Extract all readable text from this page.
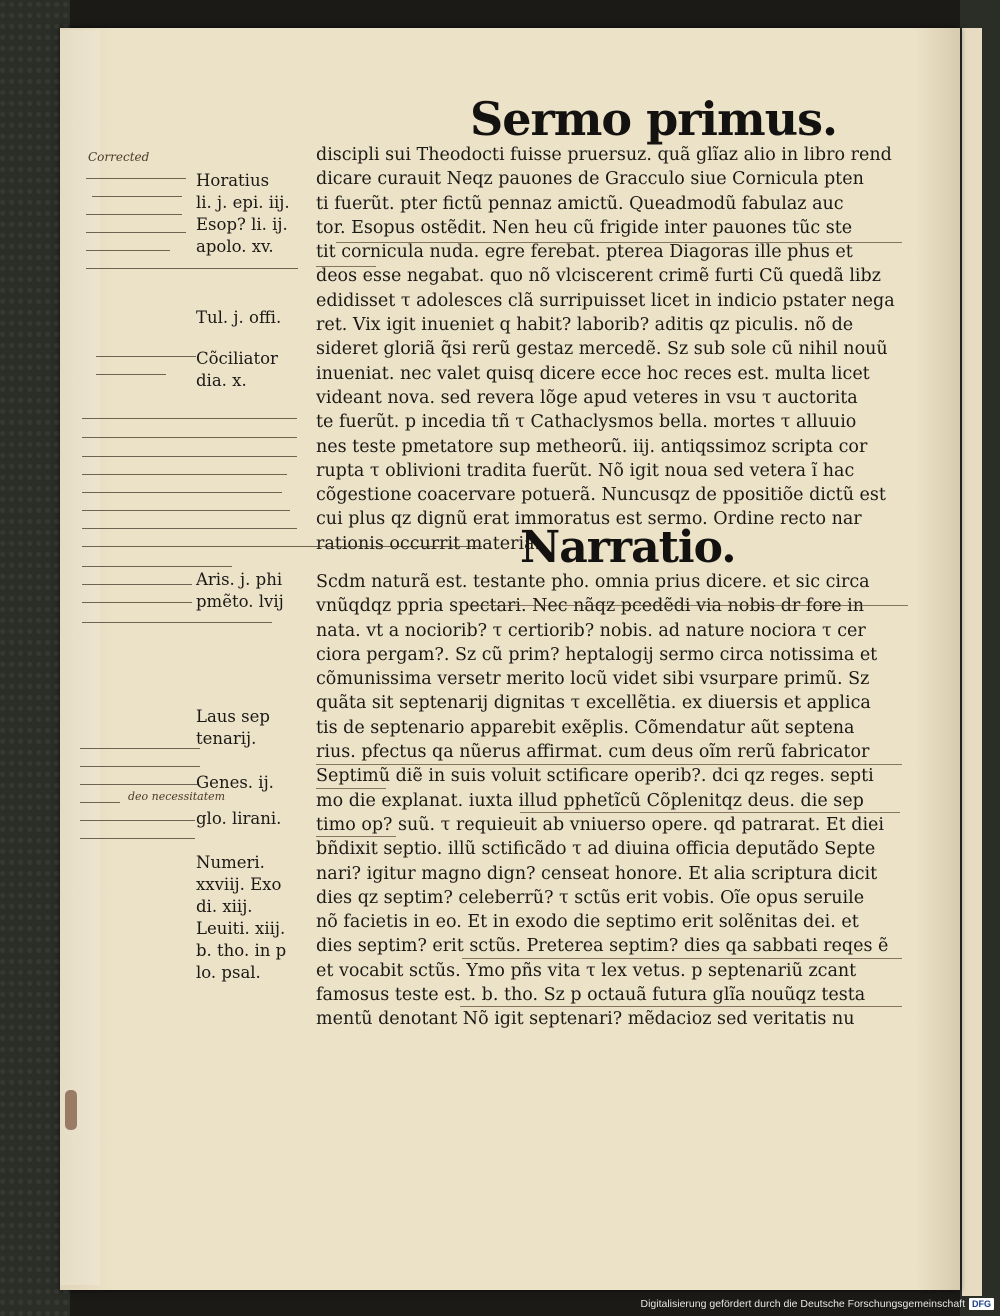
Sermo primus.
Narratio.
discipli sui Theodocti fuisse pruersuz. quã glĩaz alio in libro rend
dicare curauit Neqz pauones de Gracculo siue Cornicula pten
ti fuerũt. pter fictũ pennaz amictũ. Queadmodũ fabulaz auc
tor. Esopus ostẽdit. Nen heu cũ frigide inter pauones tũc ste
tit cornicula nuda. egre ferebat. pterea Diagoras ille phus et
deos esse negabat. quo nõ vlciscerent crimẽ furti Cũ quedã libz
edidisset τ adolesces clã surripuisset licet in indicio pstater nega
ret. Vix igit inueniet q habit? laborib? aditis qz piculis. nõ de
sideret gloriã q̃si rerũ gestaz mercedẽ. Sz sub sole cũ nihil nouũ
inueniat. nec valet quisq dicere ecce hoc reces est. multa licet
videant nova. sed revera lõge apud veteres in vsu τ auctorita
te fuerũt. p incedia tñ τ Cathaclysmos bella. mortes τ alluuio
nes teste pmetatore sup metheorũ. iij. antiqssimoz scripta cor
rupta τ oblivioni tradita fuerũt. Nõ igit noua sed vetera ĩ hac
cõgestione coacervare potuerã. Nuncusqz de ppositiõe dictũ est
cui plus qz dignũ erat immoratus est sermo. Ordine recto nar
rationis occurrit materia.
Scdm naturã est. testante pho. omnia prius dicere. et sic circa
vnũqdqz ppria spectari. Nec nãqz pcedẽdi via nobis dr fore in
nata. vt a nociorib? τ certiorib? nobis. ad nature nociora τ cer
ciora pergam?. Sz cũ prim? heptalogij sermo circa notissima et
cõmunissima versetr merito locũ videt sibi vsurpare primũ. Sz
quãta sit septenarij dignitas τ excellẽtia. ex diuersis et applica
tis de septenario apparebit exẽplis. Cõmendatur aũt septena
rius. pfectus qa nũerus affirmat. cum deus oĩm rerũ fabricator
Septimũ diẽ in suis voluit sctificare operib?. dci qz reges. septi
mo die explanat. iuxta illud pphetĩcũ Cõplenitqz deus. die sep
timo op? suũ. τ requieuit ab vniuerso opere. qd patrarat. Et diei
bñdixit septio. illũ sctificãdo τ ad diuina officia deputãdo Septe
nari? igitur magno dign? censeat honore. Et alia scriptura dicit
dies qz septim? celeberrũ? τ sctũs erit vobis. Oĩe opus seruile
nõ facietis in eo. Et in exodo die septimo erit solẽnitas dei. et
dies septim? erit sctũs. Preterea septim? dies qa sabbati reqes ẽ
et vocabit sctũs. Ymo pñs vita τ lex vetus. p septenariũ zcant
famosus teste est. b. tho. Sz p octauã futura glĩa nouũqz testa
mentũ denotant Nõ igit septenari? mẽdacioz sed veritatis nu
Horatius
li. j. epi. iij.
Esop? li. ij.
apolo. xv.
Tul. j. offi.
Cõciliator
dia. x.
Aris. j. phi
pmẽto. lvij
Laus sep
tenarij.
Genes. ij.
glo. lirani.
Numeri.
xxviij. Exo
di. xiij.
Leuiti. xiij.
b. tho. in p
lo. psal.
Corrected
deo necessitatem
Digitalisierung gefördert durch die Deutsche Forschungsgemeinschaft DFG
